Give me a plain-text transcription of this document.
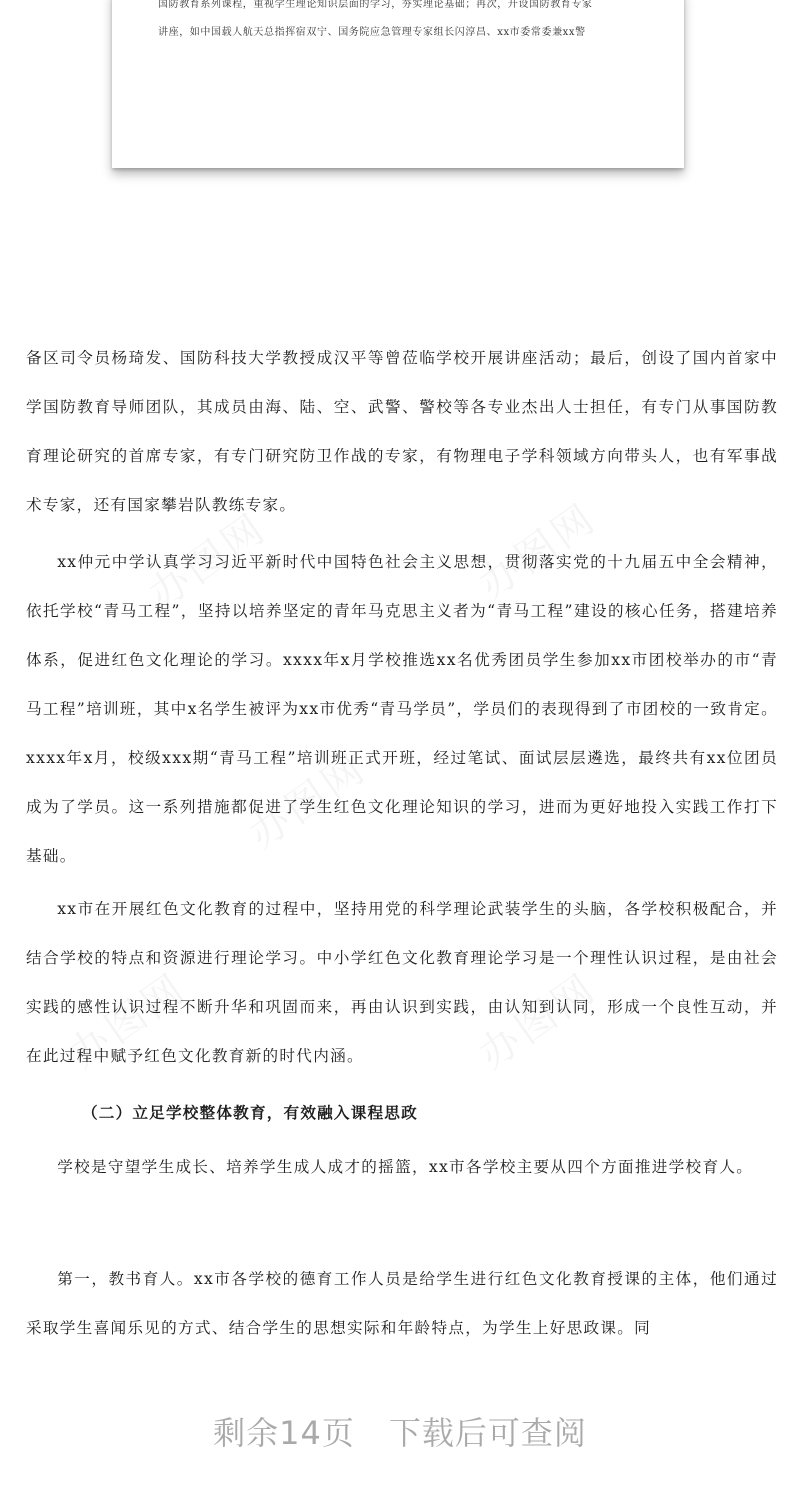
国防教育系列课程，重视学生理论知识层面的学习，夯实理论基础；再次，开设国防教育专家
讲座，如中国载人航天总指挥宿双宁、国务院应急管理专家组长闪淳昌、xx市委常委兼xx警
备区司令员杨琦发、国防科技大学教授成汉平等曾莅临学校开展讲座活动；最后，创设了国内首家中学国防教育导师团队，其成员由海、陆、空、武警、警校等各专业杰出人士担任，有专门从事国防教育理论研究的首席专家，有专门研究防卫作战的专家，有物理电子学科领域方向带头人，也有军事战术专家，还有国家攀岩队教练专家。
xx仲元中学认真学习习近平新时代中国特色社会主义思想，贯彻落实党的十九届五中全会精神，依托学校“青马工程”，坚持以培养坚定的青年马克思主义者为“青马工程”建设的核心任务，搭建培养体系，促进红色文化理论的学习。xxxx年x月学校推选xx名优秀团员学生参加xx市团校举办的市“青马工程”培训班，其中x名学生被评为xx市优秀“青马学员”，学员们的表现得到了市团校的一致肯定。xxxx年x月，校级xxx期“青马工程”培训班正式开班，经过笔试、面试层层遴选，最终共有xx位团员成为了学员。这一系列措施都促进了学生红色文化理论知识的学习，进而为更好地投入实践工作打下基础。
xx市在开展红色文化教育的过程中，坚持用党的科学理论武装学生的头脑，各学校积极配合，并结合学校的特点和资源进行理论学习。中小学红色文化教育理论学习是一个理性认识过程，是由社会实践的感性认识过程不断升华和巩固而来，再由认识到实践，由认知到认同，形成一个良性互动，并在此过程中赋予红色文化教育新的时代内涵。
（二）立足学校整体教育，有效融入课程思政
学校是守望学生成长、培养学生成人成才的摇篮，xx市各学校主要从四个方面推进学校育人。
第一，教书育人。xx市各学校的德育工作人员是给学生进行红色文化教育授课的主体，他们通过采取学生喜闻乐见的方式、结合学生的思想实际和年龄特点，为学生上好思政课。同
剩余14页 下载后可查阅
